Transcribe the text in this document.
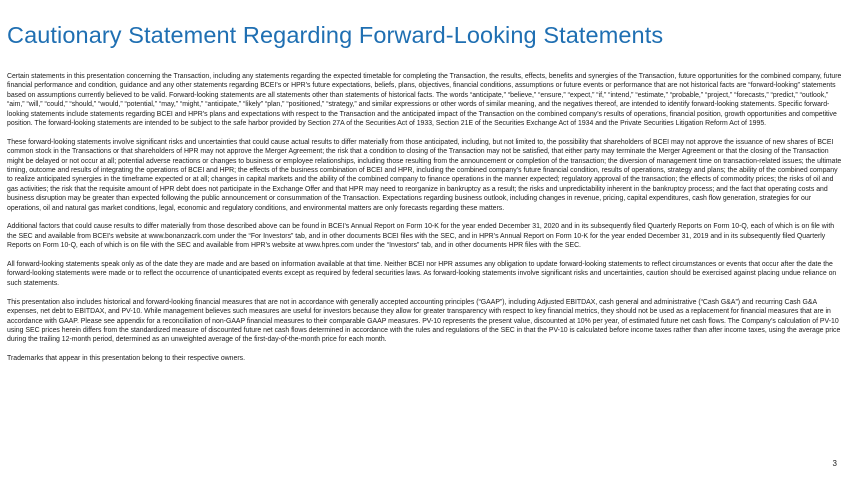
Cautionary Statement Regarding Forward-Looking Statements

Certain statements in this presentation concerning the Transaction, including any statements regarding the expected timetable for completing the Transaction, the results, effects, benefits and synergies of the Transaction, future opportunities for the combined company, future financial performance and condition, guidance and any other statements regarding BCEI’s or HPR’s future expectations, beliefs, plans, objectives, financial conditions, assumptions or future events or performance that are not historical facts are “forward-looking” statements based on assumptions currently believed to be valid. Forward-looking statements are all statements other than statements of historical facts. The words “anticipate,” “believe,” “ensure,” “expect,” “if,” “intend,” “estimate,” “probable,” “project,” “forecasts,” “predict,” “outlook,” “aim,” “will,” “could,” “should,” “would,” “potential,” “may,” “might,” “anticipate,” “likely” “plan,” “positioned,” “strategy,” and similar expressions or other words of similar meaning, and the negatives thereof, are intended to identify forward-looking statements. Specific forward-looking statements include statements regarding BCEI and HPR’s plans and expectations with respect to the Transaction and the anticipated impact of the Transaction on the combined company’s results of operations, financial position, growth opportunities and competitive position. The forward-looking statements are intended to be subject to the safe harbor provided by Section 27A of the Securities Act of 1933, Section 21E of the Securities Exchange Act of 1934 and the Private Securities Litigation Reform Act of 1995.

These forward-looking statements involve significant risks and uncertainties that could cause actual results to differ materially from those anticipated, including, but not limited to, the possibility that shareholders of BCEI may not approve the issuance of new shares of BCEI common stock in the Transactions or that shareholders of HPR may not approve the Merger Agreement; the risk that a condition to closing of the Transaction may not be satisfied, that either party may terminate the Merger Agreement or that the closing of the Transaction might be delayed or not occur at all; potential adverse reactions or changes to business or employee relationships, including those resulting from the announcement or completion of the transaction; the diversion of management time on transaction-related issues; the ultimate timing, outcome and results of integrating the operations of BCEI and HPR; the effects of the business combination of BCEI and HPR, including the combined company’s future financial condition, results of operations, strategy and plans; the ability of the combined company to realize anticipated synergies in the timeframe expected or at all; changes in capital markets and the ability of the combined company to finance operations in the manner expected; regulatory approval of the transaction; the effects of commodity prices; the risks of oil and gas activities; the risk that the requisite amount of HPR debt does not participate in the Exchange Offer and that HPR may need to reorganize in bankruptcy as a result; the risks and unpredictability inherent in the bankruptcy process; and the fact that operating costs and business disruption may be greater than expected following the public announcement or consummation of the Transaction. Expectations regarding business outlook, including changes in revenue, pricing, capital expenditures, cash flow generation, strategies for our operations, oil and natural gas market conditions, legal, economic and regulatory conditions, and environmental matters are only forecasts regarding these matters.

Additional factors that could cause results to differ materially from those described above can be found in BCEI’s Annual Report on Form 10-K for the year ended December 31, 2020 and in its subsequently filed Quarterly Reports on Form 10-Q, each of which is on file with the SEC and available from BCEI’s website at www.bonanzacrk.com under the “For Investors” tab, and in other documents BCEI files with the SEC, and in HPR’s Annual Report on Form 10-K for the year ended December 31, 2019 and in its subsequently filed Quarterly Reports on Form 10-Q, each of which is on file with the SEC and available from HPR’s website at www.hpres.com under the “Investors” tab, and in other documents HPR files with the SEC.

All forward-looking statements speak only as of the date they are made and are based on information available at that time. Neither BCEI nor HPR assumes any obligation to update forward-looking statements to reflect circumstances or events that occur after the date the forward-looking statements were made or to reflect the occurrence of unanticipated events except as required by federal securities laws. As forward-looking statements involve significant risks and uncertainties, caution should be exercised against placing undue reliance on such statements.

This presentation also includes historical and forward-looking financial measures that are not in accordance with generally accepted accounting principles (“GAAP”), including Adjusted EBITDAX, cash general and administrative (“Cash G&A”) and recurring Cash G&A expenses, net debt to EBITDAX, and PV-10. While management believes such measures are useful for investors because they allow for greater transparency with respect to key financial metrics, they should not be used as a replacement for financial measures that are in accordance with GAAP. Please see appendix for a reconciliation of non-GAAP financial measures to their comparable GAAP measures. PV-10 represents the present value, discounted at 10% per year, of estimated future net cash flows. The Company’s calculation of PV-10 using SEC prices herein differs from the standardized measure of discounted future net cash flows determined in accordance with the rules and regulations of the SEC in that the PV-10 is calculated before income taxes rather than after income taxes, using the average price during the trailing 12-month period, determined as an unweighted average of the first-day-of-the-month price for each month.

Trademarks that appear in this presentation belong to their respective owners.

3
